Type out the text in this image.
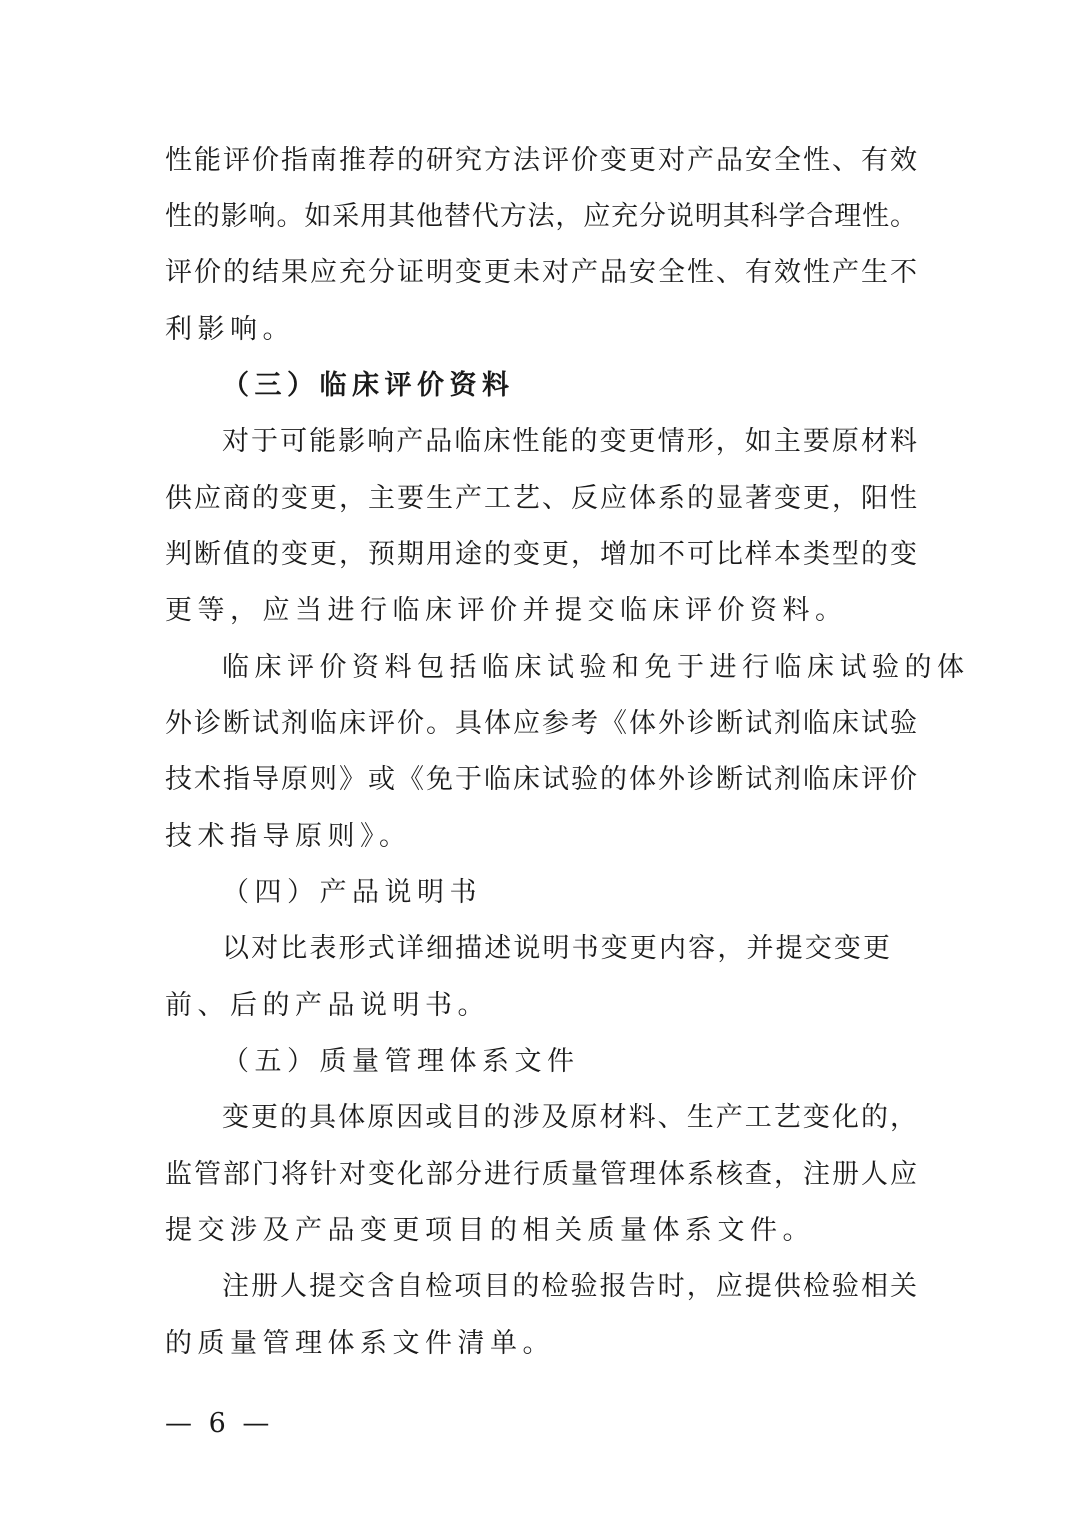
性能评价指南推荐的研究方法评价变更对产品安全性、有效
性的影响。如采用其他替代方法，应充分说明其科学合理性。
评价的结果应充分证明变更未对产品安全性、有效性产生不
利影响。
（三）临床评价资料
对于可能影响产品临床性能的变更情形，如主要原材料
供应商的变更，主要生产工艺、反应体系的显著变更，阳性
判断值的变更，预期用途的变更，增加不可比样本类型的变
更等，应当进行临床评价并提交临床评价资料。
临床评价资料包括临床试验和免于进行临床试验的体
外诊断试剂临床评价。具体应参考《体外诊断试剂临床试验
技术指导原则》或《免于临床试验的体外诊断试剂临床评价
技术指导原则》。
（四）产品说明书
以对比表形式详细描述说明书变更内容，并提交变更
前、后的产品说明书。
（五）质量管理体系文件
变更的具体原因或目的涉及原材料、生产工艺变化的，
监管部门将针对变化部分进行质量管理体系核查，注册人应
提交涉及产品变更项目的相关质量体系文件。
注册人提交含自检项目的检验报告时，应提供检验相关
的质量管理体系文件清单。
— 6 —
